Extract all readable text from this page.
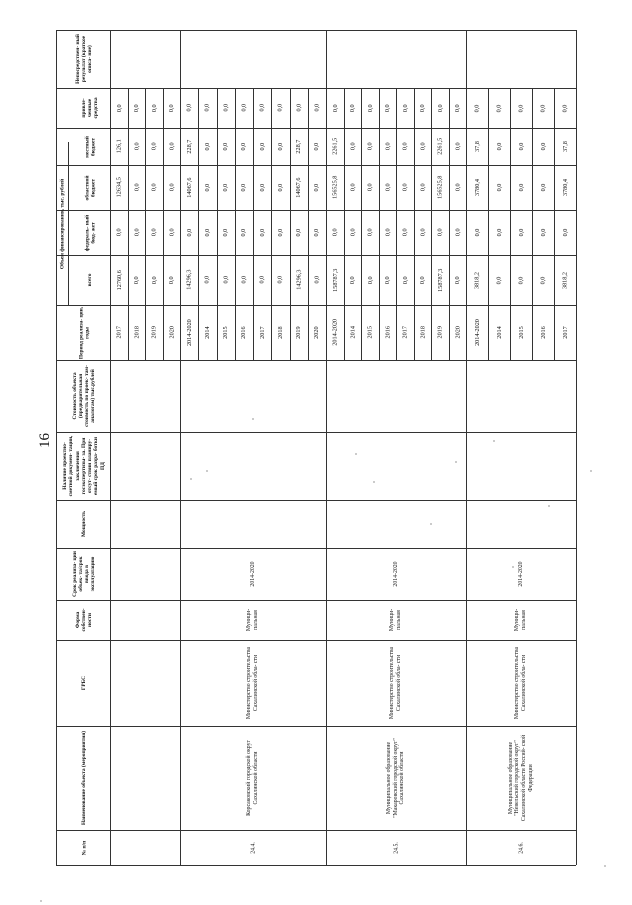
16
№ п/п
Наименование объекта (мероприятия)
ГРБС
Форма собствен- ности
Срок реализа- ции объек- та/срок ввода в эксплуатацию
Мощность
Наличие проектно- сметной докумен- тации, заключения госэкспертизы- за. При отсут- ствии планиру- емый срок разра- ботки ПД
Стоимость объекта (предварительная стоимость по проек- там-аналогам) тыс.рублей
Период реализа- ции, годы
всего
федераль- ный бюд- жет
областной бюджет
местный бюджет
привле- ченные средства
Непосредствен- ный результат (краткое описа- ние)
Объем финансирования, тыс. рублей
2017
12760,6
0,0
12634,5
126,1
0,0
2018
0,0
0,0
0,0
0,0
0,0
2019
0,0
0,0
0,0
0,0
0,0
2020
0,0
0,0
0,0
0,0
0,0
24.4.
Корсаковский городской округ Сахалинской области
Министерство строительства Сахалинской обла- сти
Муници- пальная
2014-2020
2014-2020
14296,3
0,0
14067,6
228,7
0,0
2014
0,0
0,0
0,0
0,0
0,0
2015
0,0
0,0
0,0
0,0
0,0
2016
0,0
0,0
0,0
0,0
0,0
2017
0,0
0,0
0,0
0,0
0,0
2018
0,0
0,0
0,0
0,0
0,0
2019
14296,3
0,0
14067,6
228,7
0,0
2020
0,0
0,0
0,0
0,0
0,0
24.5.
Муниципальное образование "Макаровский городской округ" Сахалинской области
Министерство строительства Сахалинской обла- сти
Муници- пальная
2014-2020
2014-2020
158787,3
0,0
156525,8
2261,5
0,0
2014
0,0
0,0
0,0
0,0
0,0
2015
0,0
0,0
0,0
0,0
0,0
2016
0,0
0,0
0,0
0,0
0,0
2017
0,0
0,0
0,0
0,0
0,0
2018
0,0
0,0
0,0
0,0
0,0
2019
158787,3
0,0
156525,8
2261,5
0,0
2020
0,0
0,0
0,0
0,0
0,0
24.6.
Муниципальное образование "Невельский городской округ" Сахалинской области Россий- ской Федерации
Министерство строительства Сахалинской обла- сти
Муници- пальная
2014-2020
2014-2020
3818,2
0,0
3780,4
37,8
0,0
2014
0,0
0,0
0,0
0,0
0,0
2015
0,0
0,0
0,0
0,0
0,0
2016
0,0
0,0
0,0
0,0
0,0
2017
3818,2
0,0
3780,4
37,8
0,0
